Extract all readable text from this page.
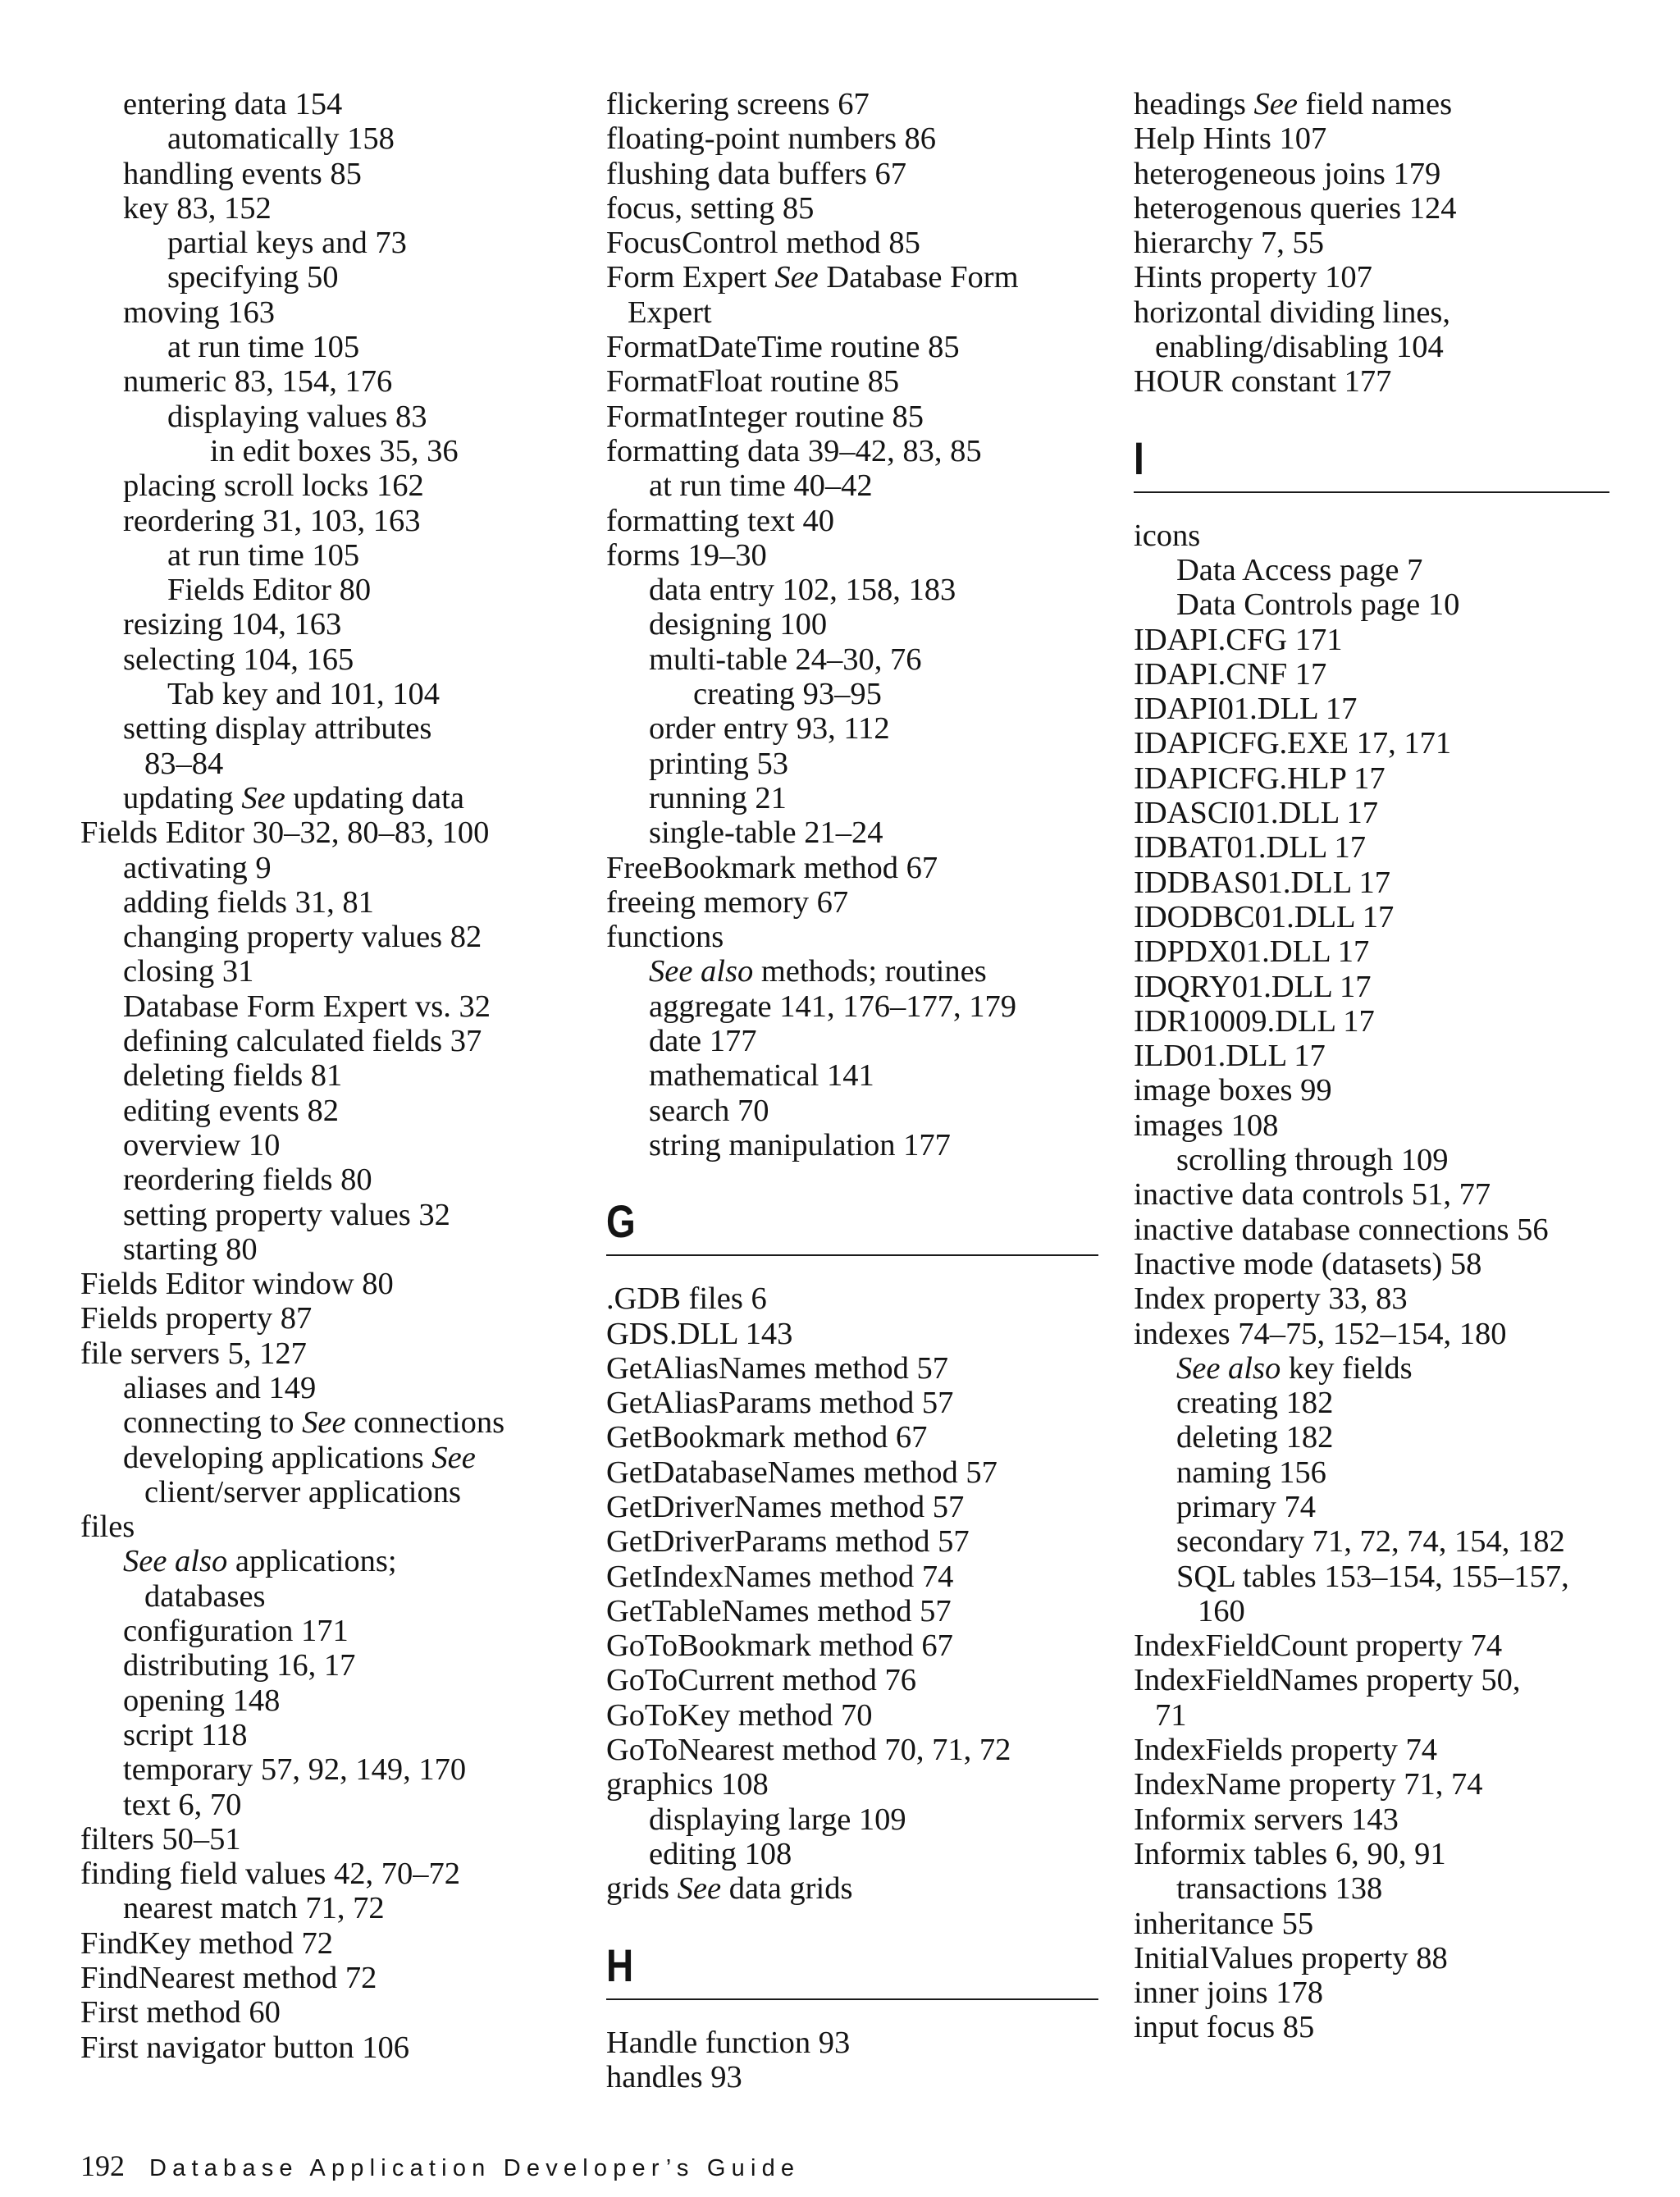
entering data 154
automatically 158
handling events 85
key 83, 152
partial keys and 73
specifying 50
moving 163
at run time 105
numeric 83, 154, 176
displaying values 83
in edit boxes 35, 36
placing scroll locks 162
reordering 31, 103, 163
at run time 105
Fields Editor 80
resizing 104, 163
selecting 104, 165
Tab key and 101, 104
setting display attributes
83–84
updating See updating data
Fields Editor 30–32, 80–83, 100
activating 9
adding fields 31, 81
changing property values 82
closing 31
Database Form Expert vs. 32
defining calculated fields 37
deleting fields 81
editing events 82
overview 10
reordering fields 80
setting property values 32
starting 80
Fields Editor window 80
Fields property 87
file servers 5, 127
aliases and 149
connecting to See connections
developing applications See
client/server applications
files
See also applications;
databases
configuration 171
distributing 16, 17
opening 148
script 118
temporary 57, 92, 149, 170
text 6, 70
filters 50–51
finding field values 42, 70–72
nearest match 71, 72
FindKey method 72
FindNearest method 72
First method 60
First navigator button 106
flickering screens 67
floating-point numbers 86
flushing data buffers 67
focus, setting 85
FocusControl method 85
Form Expert See Database Form
Expert
FormatDateTime routine 85
FormatFloat routine 85
FormatInteger routine 85
formatting data 39–42, 83, 85
at run time 40–42
formatting text 40
forms 19–30
data entry 102, 158, 183
designing 100
multi-table 24–30, 76
creating 93–95
order entry 93, 112
printing 53
running 21
single-table 21–24
FreeBookmark method 67
freeing memory 67
functions
See also methods; routines
aggregate 141, 176–177, 179
date 177
mathematical 141
search 70
string manipulation 177
G
.GDB files 6
GDS.DLL 143
GetAliasNames method 57
GetAliasParams method 57
GetBookmark method 67
GetDatabaseNames method 57
GetDriverNames method 57
GetDriverParams method 57
GetIndexNames method 74
GetTableNames method 57
GoToBookmark method 67
GoToCurrent method 76
GoToKey method 70
GoToNearest method 70, 71, 72
graphics 108
displaying large 109
editing 108
grids See data grids
H
Handle function 93
handles 93
headings See field names
Help Hints 107
heterogeneous joins 179
heterogenous queries 124
hierarchy 7, 55
Hints property 107
horizontal dividing lines,
enabling/disabling 104
HOUR constant 177
I
icons
Data Access page 7
Data Controls page 10
IDAPI.CFG 171
IDAPI.CNF 17
IDAPI01.DLL 17
IDAPICFG.EXE 17, 171
IDAPICFG.HLP 17
IDASCI01.DLL 17
IDBAT01.DLL 17
IDDBAS01.DLL 17
IDODBC01.DLL 17
IDPDX01.DLL 17
IDQRY01.DLL 17
IDR10009.DLL 17
ILD01.DLL 17
image boxes 99
images 108
scrolling through 109
inactive data controls 51, 77
inactive database connections 56
Inactive mode (datasets) 58
Index property 33, 83
indexes 74–75, 152–154, 180
See also key fields
creating 182
deleting 182
naming 156
primary 74
secondary 71, 72, 74, 154, 182
SQL tables 153–154, 155–157,
160
IndexFieldCount property 74
IndexFieldNames property 50,
71
IndexFields property 74
IndexName property 71, 74
Informix servers 143
Informix tables 6, 90, 91
transactions 138
inheritance 55
InitialValues property 88
inner joins 178
input focus 85
192 Database Application Developer’s Guide
